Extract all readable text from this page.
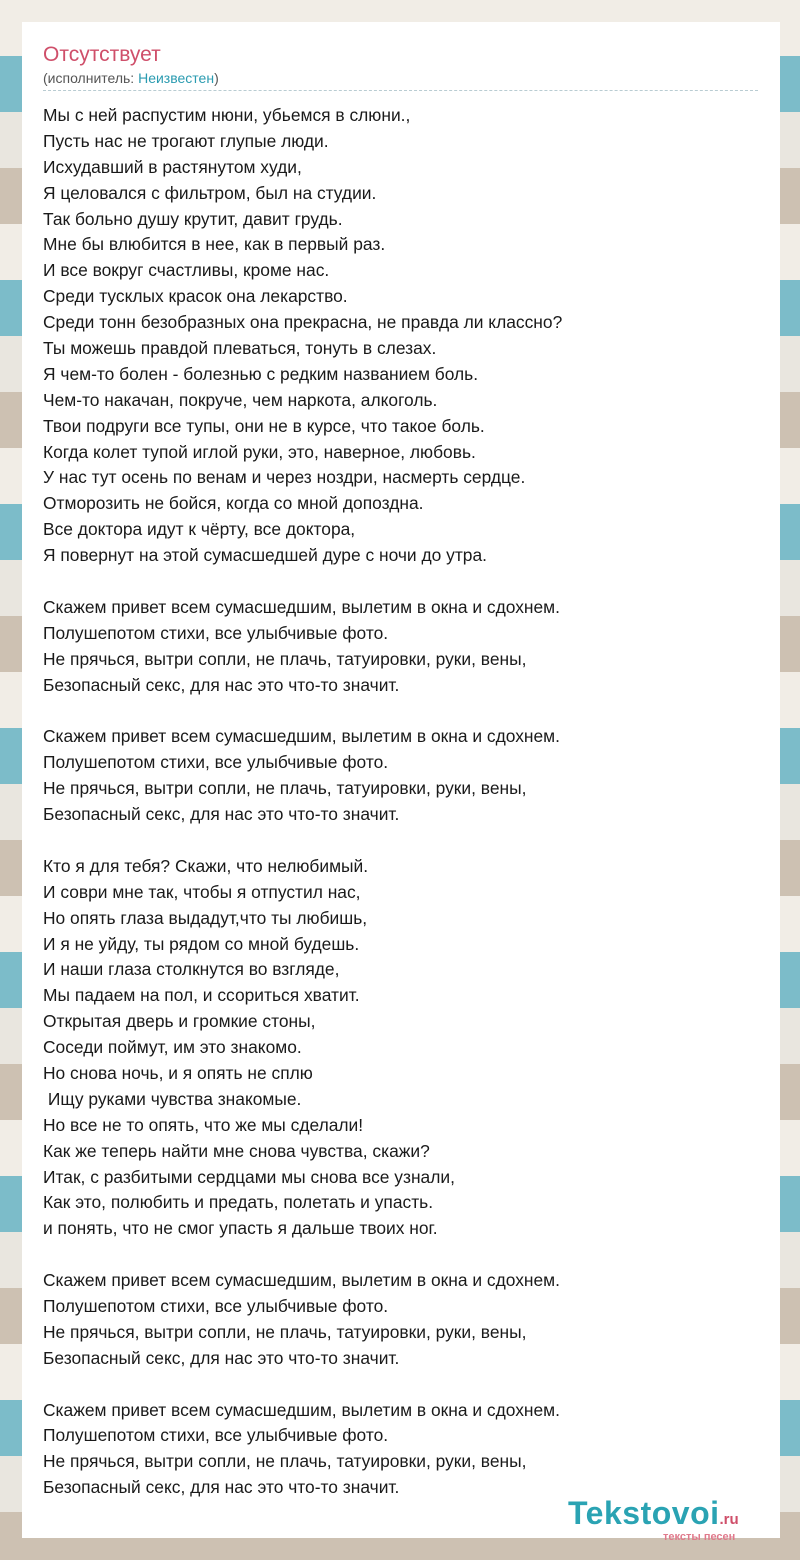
Отсутствует
(исполнитель: Неизвестен)
Мы с ней распустим нюни, убьемся в слюни.,
Пусть нас не трогают глупые люди.
Исхудавший в растянутом худи,
Я целовался с фильтром, был на студии.
Так больно душу крутит, давит грудь.
Мне бы влюбится в нее, как в первый раз.
И все вокруг счастливы, кроме нас.
Среди тусклых красок она лекарство.
Среди тонн безобразных она прекрасна, не правда ли классно?
Ты можешь правдой плеваться, тонуть в слезах.
Я чем-то болен - болезнью с редким названием боль.
Чем-то накачан, покруче, чем наркота, алкоголь.
Твои подруги все тупы, они не в курсе, что такое боль.
Когда колет тупой иглой руки, это, наверное, любовь.
У нас тут осень по венам и через ноздри, насмерть сердце.
Отморозить не бойся, когда со мной допоздна.
Все доктора идут к чёрту, все доктора,
Я повернут на этой сумасшедшей дуре с ночи до утра.
Скажем привет всем сумасшедшим, вылетим в окна и сдохнем.
Полушепотом стихи, все улыбчивые фото.
Не прячься, вытри сопли, не плачь, татуировки, руки, вены,
Безопасный секс, для нас это что-то значит.
Скажем привет всем сумасшедшим, вылетим в окна и сдохнем.
Полушепотом стихи, все улыбчивые фото.
Не прячься, вытри сопли, не плачь, татуировки, руки, вены,
Безопасный секс, для нас это что-то значит.
Кто я для тебя? Скажи, что нелюбимый.
И соври мне так, чтобы я отпустил нас,
Но опять глаза выдадут,что ты любишь,
И я не уйду, ты рядом со мной будешь.
И наши глаза столкнутся во взгляде,
Мы падаем на пол, и ссориться хватит.
Открытая дверь и громкие стоны,
Соседи поймут, им это знакомо.
Но снова ночь, и я опять не сплю
Ищу руками чувства знакомые.
Но все не то опять, что же мы сделали!
Как же теперь найти мне снова чувства, скажи?
Итак, с разбитыми сердцами мы снова все узнали,
Как это, полюбить и предать, полетать и упасть.
и понять, что не смог упасть я дальше твоих ног.
Скажем привет всем сумасшедшим, вылетим в окна и сдохнем.
Полушепотом стихи, все улыбчивые фото.
Не прячься, вытри сопли, не плачь, татуировки, руки, вены,
Безопасный секс, для нас это что-то значит.
Скажем привет всем сумасшедшим, вылетим в окна и сдохнем.
Полушепотом стихи, все улыбчивые фото.
Не прячься, вытри сопли, не плачь, татуировки, руки, вены,
Безопасный секс, для нас это что-то значит.
Tekstovoi.ru
тексты песен
